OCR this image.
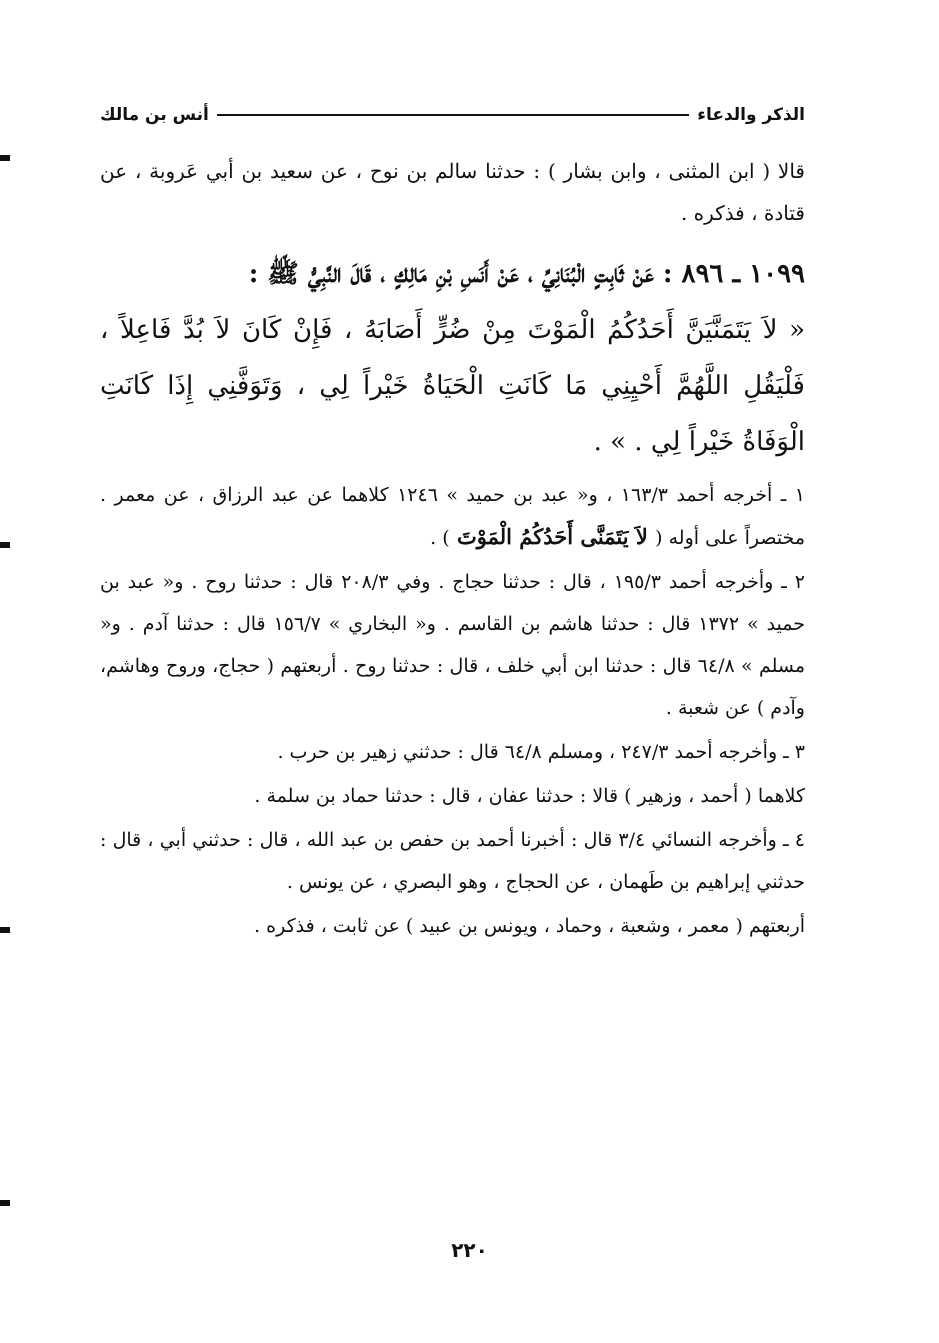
الذكر والدعاء
أنس بن مالك

قالا ( ابن المثنى ، وابن بشار ) : حدثنا سالم بن نوح ، عن سعيد بن أبي عَروبة ، عن قتادة ، فذكره .

١٠٩٩ ـ ٨٩٦ : عَنْ ثَابِتٍ الْبُنَانِيِّ ، عَنْ أَنَسِ بْنِ مَالِكٍ ، قَالَ النَّبِيُّ ﷺ :

« لاَ يَتَمَنَّيَنَّ أَحَدُكُمُ الْمَوْتَ مِنْ ضُرٍّ أَصَابَهُ ، فَإِنْ كَانَ لاَ بُدَّ فَاعِلاً ، فَلْيَقُلِ اللَّهُمَّ أَحْيِنِي مَا كَانَتِ الْحَيَاةُ خَيْراً لِي ، وَتَوَفَّنِي إِذَا كَانَتِ الْوَفَاةُ خَيْراً لِي . » .

١ ـ أخرجه أحمد ١٦٣/٣ ، و« عبد بن حميد » ١٢٤٦ كلاهما عن عبد الرزاق ، عن معمر . مختصراً على أوله ( لاَ يَتَمَنَّى أَحَدُكُمُ الْمَوْتَ ) .

٢ ـ وأخرجه أحمد ١٩٥/٣ ، قال : حدثنا حجاج . وفي ٢٠٨/٣ قال : حدثنا روح . و« عبد بن حميد » ١٣٧٢ قال : حدثنا هاشم بن القاسم . و« البخاري » ١٥٦/٧ قال : حدثنا آدم . و« مسلم » ٦٤/٨ قال : حدثنا ابن أبي خلف ، قال : حدثنا روح . أربعتهم ( حجاج، وروح وهاشم، وآدم ) عن شعبة .

٣ ـ وأخرجه أحمد ٢٤٧/٣ ، ومسلم ٦٤/٨ قال : حدثني زهير بن حرب .

كلاهما ( أحمد ، وزهير ) قالا : حدثنا عفان ، قال : حدثنا حماد بن سلمة .

٤ ـ وأخرجه النسائي ٣/٤ قال : أخبرنا أحمد بن حفص بن عبد الله ، قال : حدثني أبي ، قال : حدثني إبراهيم بن طَهمان ، عن الحجاج ، وهو البصري ، عن يونس .

أربعتهم ( معمر ، وشعبة ، وحماد ، ويونس بن عبيد ) عن ثابت ، فذكره .

٢٢٠
